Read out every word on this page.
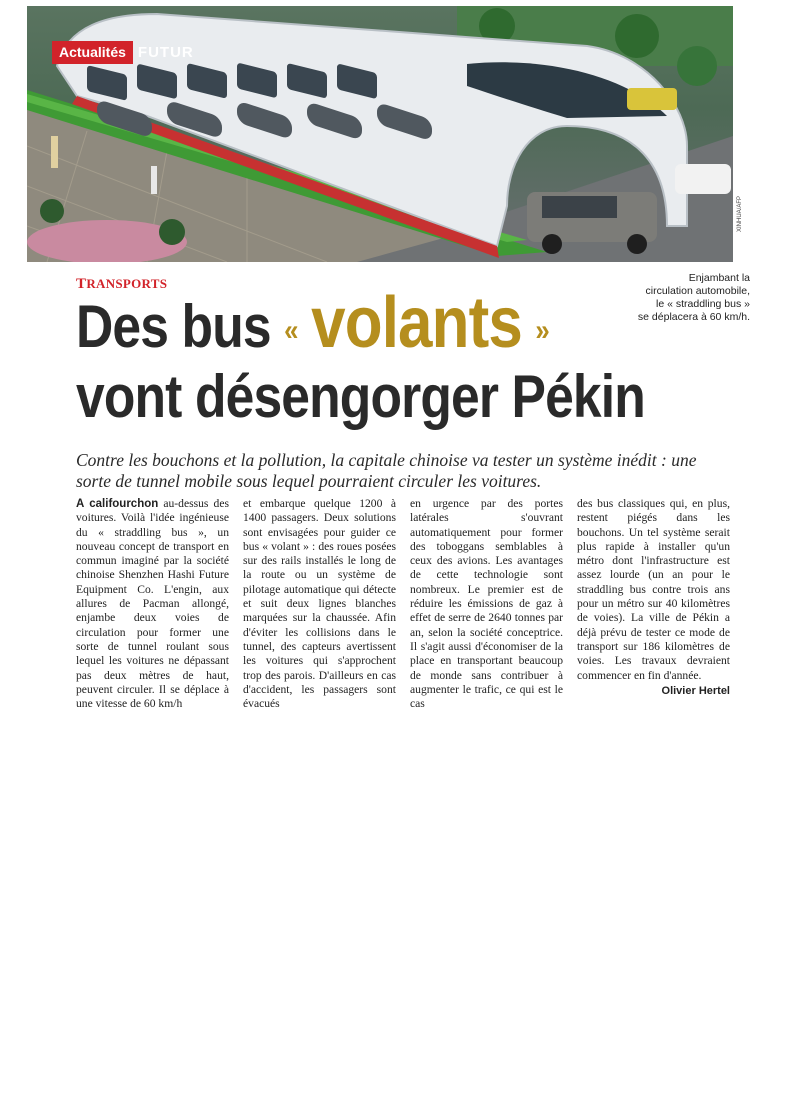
Actualités FUTUR
XINHUA/AFP
Enjambant la
circulation automobile,
le « straddling bus »
se déplacera à 60 km/h.
TRANSPORTS
Des bus « volants »
vont désengorger Pékin
Contre les bouchons et la pollution, la capitale chinoise va tester un système inédit : une sorte de tunnel mobile sous lequel pourraient circuler les voitures.
A califourchon au-dessus des voitures. Voilà l'idée ingénieuse du « straddling bus », un nouveau concept de transport en commun imaginé par la société chinoise Shenzhen Hashi Future Equipment Co. L'engin, aux allures de Pacman allongé, enjambe deux voies de circulation pour former une sorte de tunnel roulant sous lequel les voitures ne dépassant pas deux mètres de haut, peuvent circuler. Il se déplace à une vitesse de 60 km/h
et embarque quelque 1200 à 1400 passagers. Deux solutions sont envisagées pour guider ce bus « volant » : des roues posées sur des rails installés le long de la route ou un système de pilotage automatique qui détecte et suit deux lignes blanches marquées sur la chaussée. Afin d'éviter les collisions dans le tunnel, des capteurs avertissent les voitures qui s'approchent trop des parois. D'ailleurs en cas d'accident, les passagers sont évacués
en urgence par des portes latérales s'ouvrant automatiquement pour former des toboggans semblables à ceux des avions. Les avantages de cette technologie sont nombreux. Le premier est de réduire les émissions de gaz à effet de serre de 2640 tonnes par an, selon la société conceptrice. Il s'agit aussi d'économiser de la place en transportant beaucoup de monde sans contribuer à augmenter le trafic, ce qui est le cas
des bus classiques qui, en plus, restent piégés dans les bouchons. Un tel système serait plus rapide à installer qu'un métro dont l'infrastructure est assez lourde (un an pour le straddling bus contre trois ans pour un métro sur 40 kilomètres de voies). La ville de Pékin a déjà prévu de tester ce mode de transport sur 186 kilomètres de voies. Les travaux devraient commencer en fin d'année.
Olivier Hertel
